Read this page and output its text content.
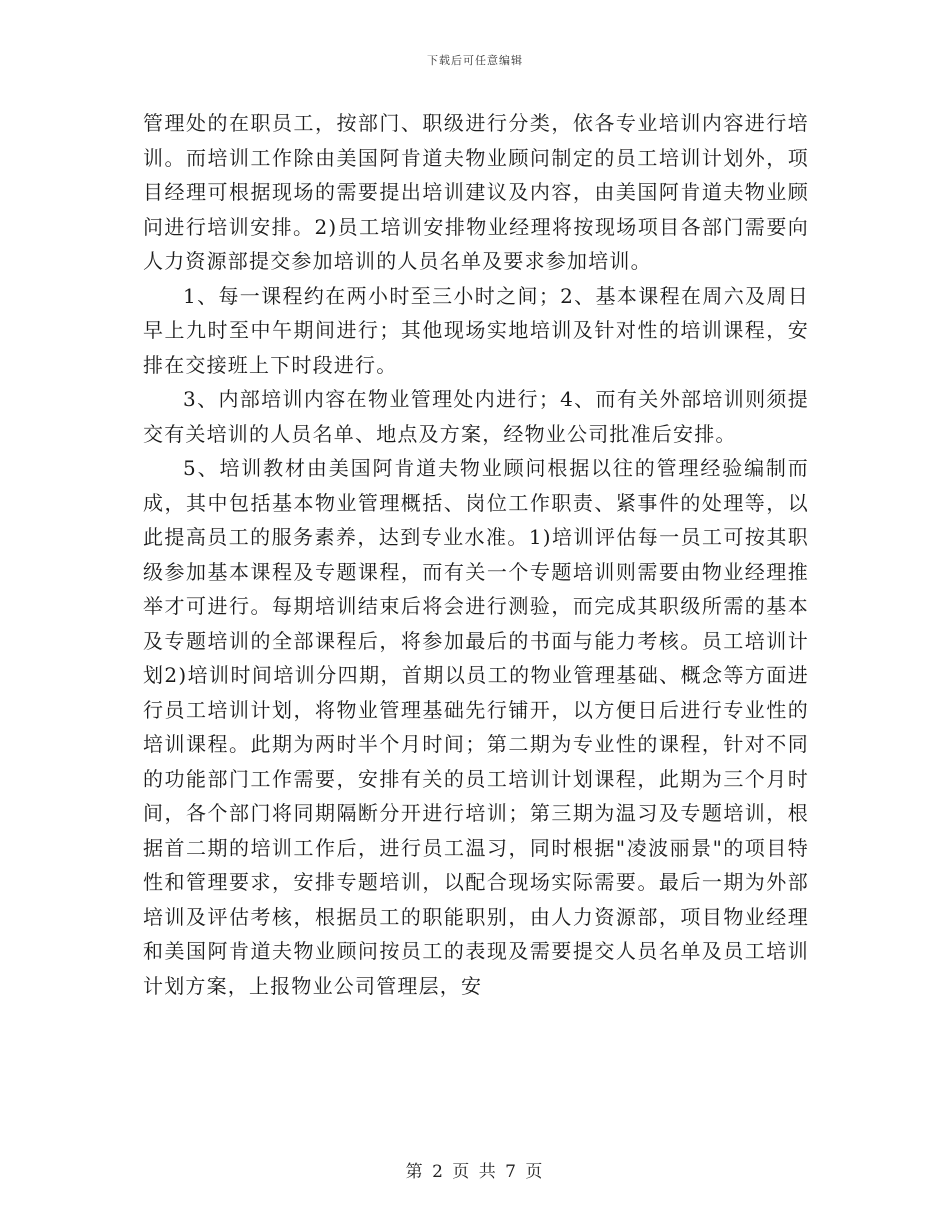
下载后可任意编辑

管理处的在职员工，按部门、职级进行分类，依各专业培训内容进行培训。而培训工作除由美国阿肯道夫物业顾问制定的员工培训计划外，项目经理可根据现场的需要提出培训建议及内容，由美国阿肯道夫物业顾问进行培训安排。2)员工培训安排物业经理将按现场项目各部门需要向人力资源部提交参加培训的人员名单及要求参加培训。

1、每一课程约在两小时至三小时之间；2、基本课程在周六及周日早上九时至中午期间进行；其他现场实地培训及针对性的培训课程，安排在交接班上下时段进行。

3、内部培训内容在物业管理处内进行；4、而有关外部培训则须提交有关培训的人员名单、地点及方案，经物业公司批准后安排。

5、培训教材由美国阿肯道夫物业顾问根据以往的管理经验编制而成，其中包括基本物业管理概括、岗位工作职责、紧事件的处理等，以此提高员工的服务素养，达到专业水准。1)培训评估每一员工可按其职级参加基本课程及专题课程，而有关一个专题培训则需要由物业经理推举才可进行。每期培训结束后将会进行测验，而完成其职级所需的基本及专题培训的全部课程后，将参加最后的书面与能力考核。员工培训计划2)培训时间培训分四期，首期以员工的物业管理基础、概念等方面进行员工培训计划，将物业管理基础先行铺开，以方便日后进行专业性的培训课程。此期为两时半个月时间；第二期为专业性的课程，针对不同的功能部门工作需要，安排有关的员工培训计划课程，此期为三个月时间，各个部门将同期隔断分开进行培训；第三期为温习及专题培训，根据首二期的培训工作后，进行员工温习，同时根据"凌波丽景"的项目特性和管理要求，安排专题培训，以配合现场实际需要。最后一期为外部培训及评估考核，根据员工的职能职别，由人力资源部，项目物业经理和美国阿肯道夫物业顾问按员工的表现及需要提交人员名单及员工培训计划方案，上报物业公司管理层，安

第 2 页 共 7 页
